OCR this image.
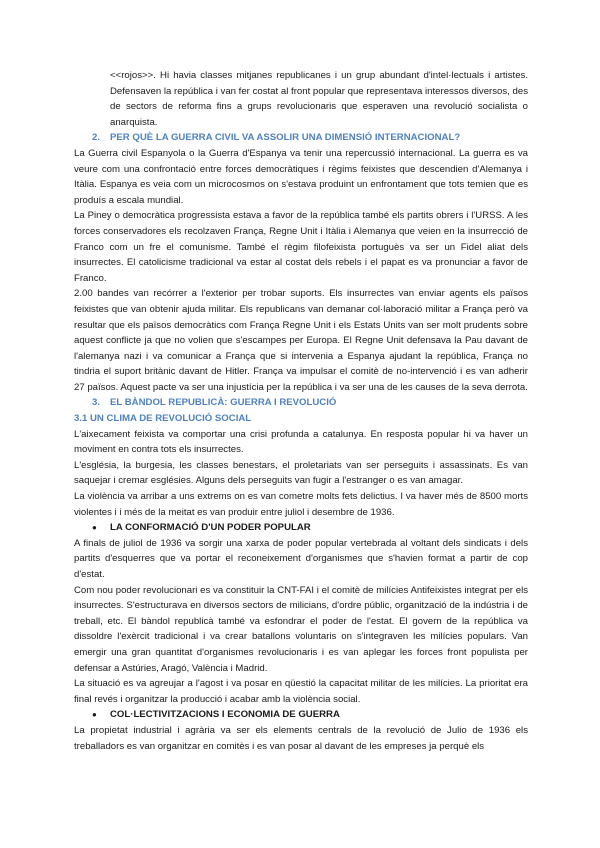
<<rojos>>. Hi havia classes mitjanes republicanes i un grup abundant d'intel·lectuals i artistes. Defensaven la república i van fer costat al front popular que representava interessos diversos, des de sectors de reforma fins a grups revolucionaris que esperaven una revolució socialista o anarquista.

2. PER QUÈ LA GUERRA CIVIL VA ASSOLIR UNA DIMENSIÓ INTERNACIONAL?

La Guerra civil Espanyola o la Guerra d'Espanya va tenir una repercussió internacional. La guerra es va veure com una confrontació entre forces democràtiques i règims feixistes que descendien d'Alemanya i Itàlia. Espanya es veia com un microcosmos on s'estava produint un enfrontament que tots temien que es produís a escala mundial.

La Piney o democràtica progressista estava a favor de la república també els partits obrers i l'URSS. A les forces conservadores els recolzaven França, Regne Unit i Itàlia i Alemanya que veien en la insurrecció de Franco com un fre el comunisme. També el règim filofeixista portuguès va ser un Fidel aliat dels insurrectes. El catolicisme tradicional va estar al costat dels rebels i el papat es va pronunciar a favor de Franco.

2.00 bandes van recórrer a l'exterior per trobar suports. Els insurrectes van enviar agents els països feixistes que van obtenir ajuda militar. Els republicans van demanar col·laboració militar a França però va resultar que els països democràtics com França Regne Unit i els Estats Units van ser molt prudents sobre aquest conflicte ja que no volien que s'escampes per Europa. El Regne Unit defensava la Pau davant de l'alemanya nazi i va comunicar a França que si intervenia a Espanya ajudant la república, França no tindria el suport britànic davant de Hitler. França va impulsar el comitè de no-intervenció i es van adherir 27 països. Aquest pacte va ser una injustícia per la república i va ser una de les causes de la seva derrota.

3. EL BÀNDOL REPUBLICÀ: GUERRA I REVOLUCIÓ
3.1 UN CLIMA DE REVOLUCIÓ SOCIAL

L'aixecament feixista va comportar una crisi profunda a catalunya. En resposta popular hi va haver un moviment en contra tots els insurrectes.

L'església, la burgesia, les classes benestars, el proletariats van ser perseguits i assassinats. Es van saquejar i cremar esglésies. Alguns dels perseguits van fugir a l'estranger o es van amagar.

La violència va arribar a uns extrems on es van cometre molts fets delictius. I va haver més de 8500 morts violentes i i més de la meitat es van produir entre juliol i desembre de 1936.

● LA CONFORMACIÓ D'UN PODER POPULAR

A finals de juliol de 1936 va sorgir una xarxa de poder popular vertebrada al voltant dels sindicats i dels partits d'esquerres que va portar el reconeixement d'organismes que s'havien format a partir de cop d'estat.

Com nou poder revolucionari es va constituir la CNT-FAI i el comitè de milícies Antifeixistes integrat per els insurrectes. S'estructurava en diversos sectors de milicians, d'ordre públic, organització de la indústria i de treball, etc. El bàndol republicà també va esfondrar el poder de l'estat. El govern de la república va dissoldre l'exèrcit tradicional i va crear batallons voluntaris on s'integraven les milícies populars. Van emergir una gran quantitat d'organismes revolucionaris i es van aplegar les forces front populista per defensar a Astúries, Aragó, València i Madrid.

La situació es va agreujar a l'agost i va posar en qüestió la capacitat militar de les milícies. La prioritat era final revés i organitzar la producció i acabar amb la violència social.

● COL·LECTIVITZACIONS I ECONOMIA DE GUERRA

La propietat industrial i agrària va ser els elements centrals de la revolució de Julio de 1936 els treballadors es van organitzar en comitès i es van posar al davant de les empreses ja perquè els
